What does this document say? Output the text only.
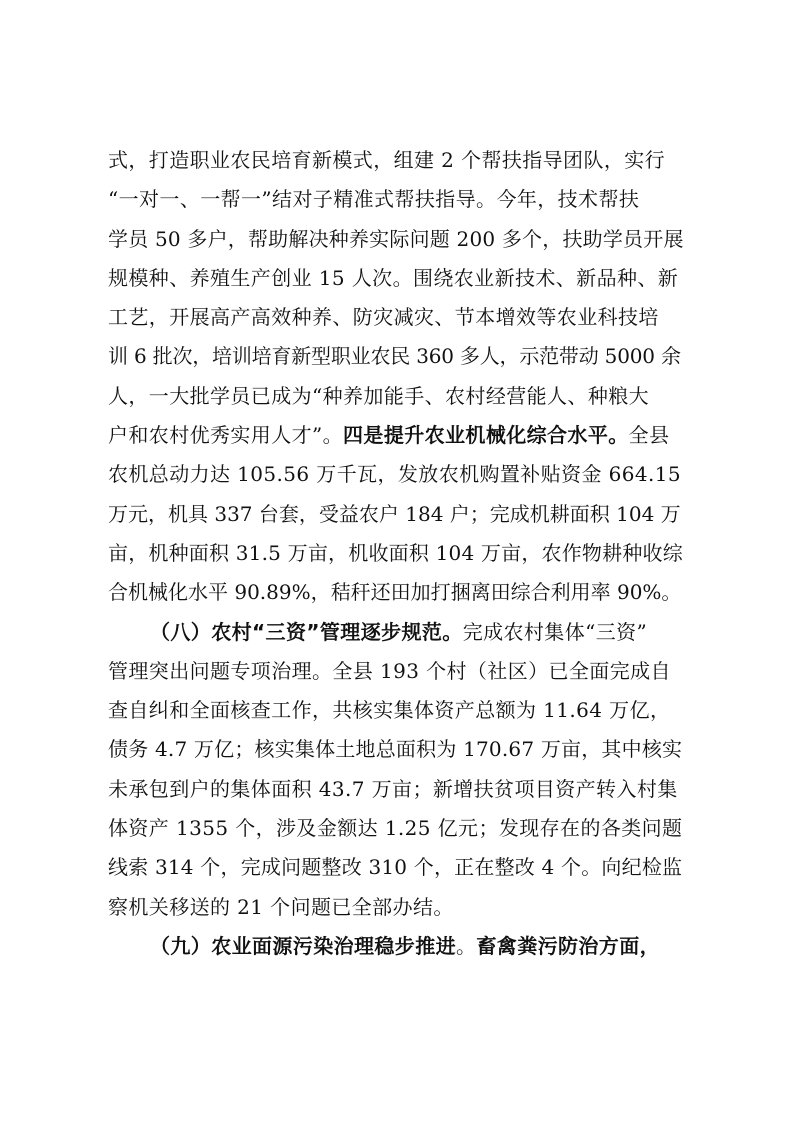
式，打造职业农民培育新模式，组建 2 个帮扶指导团队，实行
“一对一、一帮一”结对子精准式帮扶指导。今年，技术帮扶
学员 50 多户，帮助解决种养实际问题 200 多个，扶助学员开展
规模种、养殖生产创业 15 人次。围绕农业新技术、新品种、新
工艺，开展高产高效种养、防灾减灾、节本增效等农业科技培
训 6 批次，培训培育新型职业农民 360 多人，示范带动 5000 余
人，一大批学员已成为“种养加能手、农村经营能人、种粮大
户和农村优秀实用人才”。四是提升农业机械化综合水平。全县
农机总动力达 105.56 万千瓦，发放农机购置补贴资金 664.15
万元，机具 337 台套，受益农户 184 户；完成机耕面积 104 万
亩，机种面积 31.5 万亩，机收面积 104 万亩，农作物耕种收综
合机械化水平 90.89%，秸秆还田加打捆离田综合利用率 90%。
（八）农村“三资”管理逐步规范。完成农村集体“三资”
管理突出问题专项治理。全县 193 个村（社区）已全面完成自
查自纠和全面核查工作，共核实集体资产总额为 11.64 万亿，
债务 4.7 万亿；核实集体土地总面积为 170.67 万亩，其中核实
未承包到户的集体面积 43.7 万亩；新增扶贫项目资产转入村集
体资产 1355 个，涉及金额达 1.25 亿元；发现存在的各类问题
线索 314 个，完成问题整改 310 个，正在整改 4 个。向纪检监
察机关移送的 21 个问题已全部办结。
（九）农业面源污染治理稳步推进。畜禽粪污防治方面，
